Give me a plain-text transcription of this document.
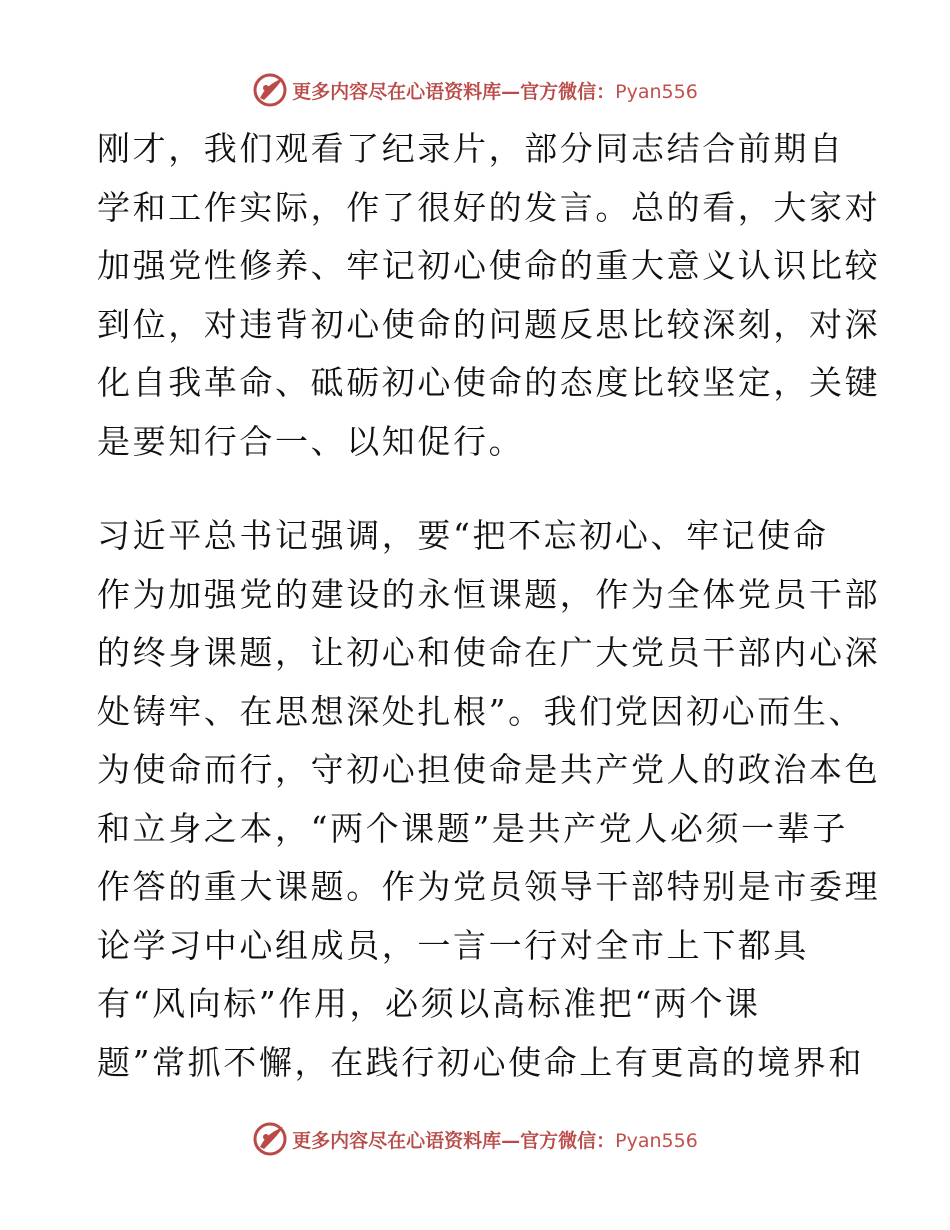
更多内容尽在心语资料库—官方微信：Pyan556
刚才，我们观看了纪录片，部分同志结合前期自
学和工作实际，作了很好的发言。总的看，大家对
加强党性修养、牢记初心使命的重大意义认识比较
到位，对违背初心使命的问题反思比较深刻，对深
化自我革命、砥砺初心使命的态度比较坚定，关键
是要知行合一、以知促行。
习近平总书记强调，要“把不忘初心、牢记使命
作为加强党的建设的永恒课题，作为全体党员干部
的终身课题，让初心和使命在广大党员干部内心深
处铸牢、在思想深处扎根”。我们党因初心而生、
为使命而行，守初心担使命是共产党人的政治本色
和立身之本，“两个课题”是共产党人必须一辈子
作答的重大课题。作为党员领导干部特别是市委理
论学习中心组成员，一言一行对全市上下都具
有“风向标”作用，必须以高标准把“两个课
题”常抓不懈，在践行初心使命上有更高的境界和
更多内容尽在心语资料库—官方微信：Pyan556
